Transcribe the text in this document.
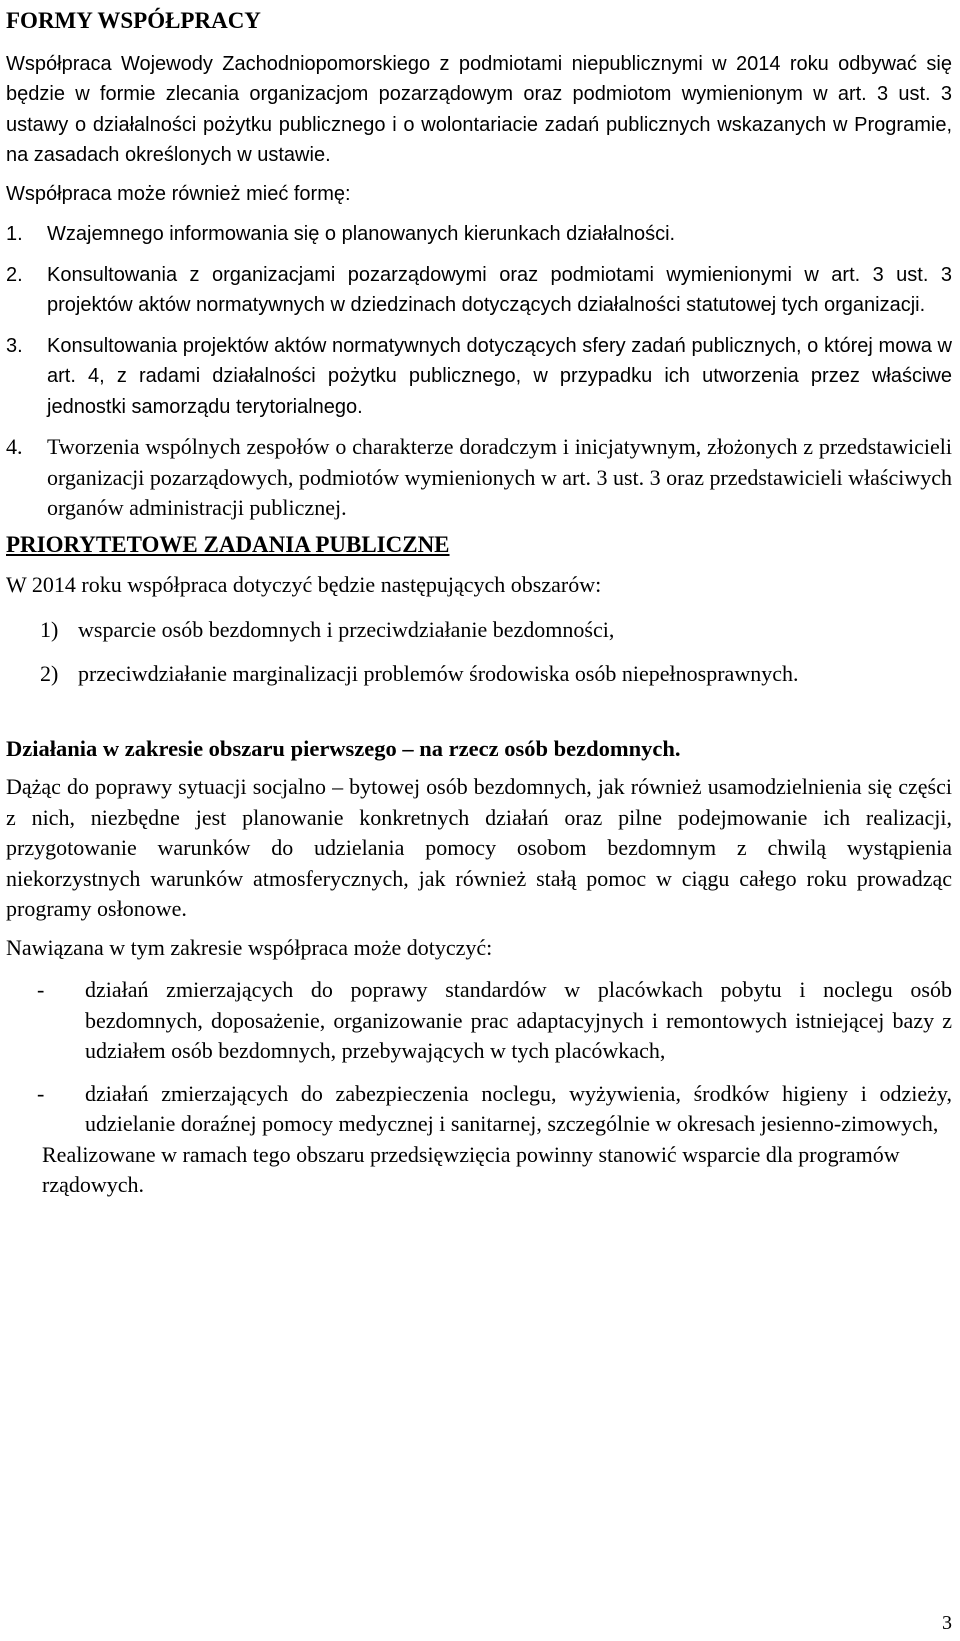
FORMY WSPÓŁPRACY

Współpraca Wojewody Zachodniopomorskiego z podmiotami niepublicznymi w 2014 roku odbywać się będzie w formie zlecania organizacjom pozarządowym oraz podmiotom wymienionym w art. 3 ust. 3 ustawy o działalności pożytku publicznego i o wolontariacie zadań publicznych wskazanych w Programie, na zasadach określonych w ustawie.

Współpraca może również mieć formę:

1.	Wzajemnego informowania się o planowanych kierunkach działalności.
2.	Konsultowania z organizacjami pozarządowymi oraz podmiotami wymienionymi w art. 3 ust. 3 projektów aktów normatywnych w dziedzinach dotyczących działalności statutowej tych organizacji.
3.	Konsultowania projektów aktów normatywnych dotyczących sfery zadań publicznych, o której mowa w art. 4, z radami działalności pożytku publicznego, w przypadku ich utworzenia przez właściwe jednostki samorządu terytorialnego.
4.	Tworzenia wspólnych zespołów o charakterze doradczym i inicjatywnym, złożonych z przedstawicieli organizacji pozarządowych, podmiotów wymienionych w art. 3 ust. 3 oraz przedstawicieli właściwych organów administracji publicznej.
PRIORYTETOWE ZADANIA PUBLICZNE

W 2014 roku współpraca dotyczyć będzie następujących obszarów:

1) wsparcie osób bezdomnych i przeciwdziałanie bezdomności,
2) przeciwdziałanie marginalizacji problemów środowiska osób niepełnosprawnych.
Działania w zakresie obszaru pierwszego – na rzecz osób bezdomnych.

Dążąc do poprawy sytuacji socjalno – bytowej osób bezdomnych, jak również usamodzielnienia się części z nich, niezbędne jest planowanie konkretnych działań oraz pilne podejmowanie ich realizacji, przygotowanie warunków do udzielania pomocy osobom bezdomnym z chwilą wystąpienia niekorzystnych warunków atmosferycznych, jak również stałą pomoc w ciągu całego roku prowadząc programy osłonowe.

Nawiązana w tym zakresie współpraca może dotyczyć:

-	działań zmierzających do poprawy standardów w placówkach pobytu i noclegu osób bezdomnych, doposażenie, organizowanie prac adaptacyjnych i remontowych istniejącej bazy z udziałem osób bezdomnych, przebywających w tych placówkach,
-	działań zmierzających do zabezpieczenia noclegu, wyżywienia, środków higieny i odzieży, udzielanie doraźnej pomocy medycznej i sanitarnej, szczególnie w okresach jesienno-zimowych,

Realizowane w ramach tego obszaru przedsięwzięcia powinny stanowić wsparcie dla programów rządowych.

3
